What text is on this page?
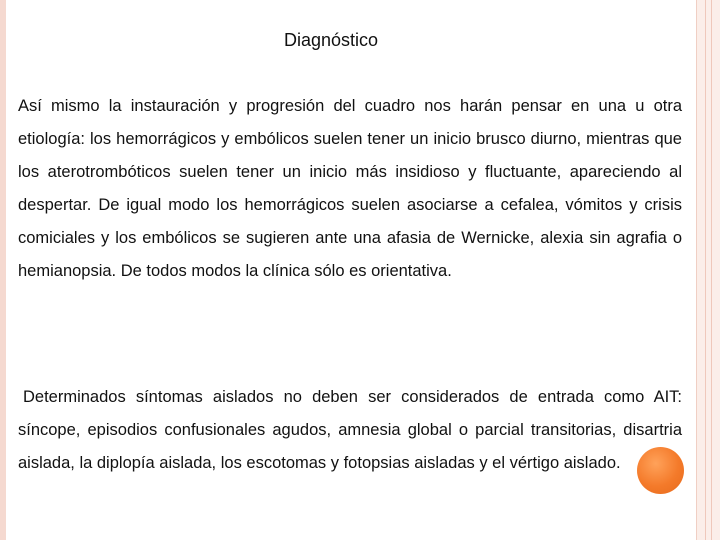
Diagnóstico

Así mismo la instauración y progresión del cuadro nos harán pensar en una u otra etiología: los hemorrágicos y embólicos suelen tener un inicio brusco diurno, mientras que los aterotrombóticos suelen tener un inicio más insidioso y fluctuante, apareciendo al despertar. De igual modo los hemorrágicos suelen asociarse a cefalea, vómitos y crisis comiciales y los embólicos se sugieren ante una afasia de Wernicke, alexia sin agrafia o hemianopsia. De todos modos la clínica sólo es orientativa.

Determinados síntomas aislados no deben ser considerados de entrada como AIT: síncope, episodios confusionales agudos, amnesia global o parcial transitorias, disartria aislada, la diplopía aislada, los escotomas y fotopsias aisladas y el vértigo aislado.
